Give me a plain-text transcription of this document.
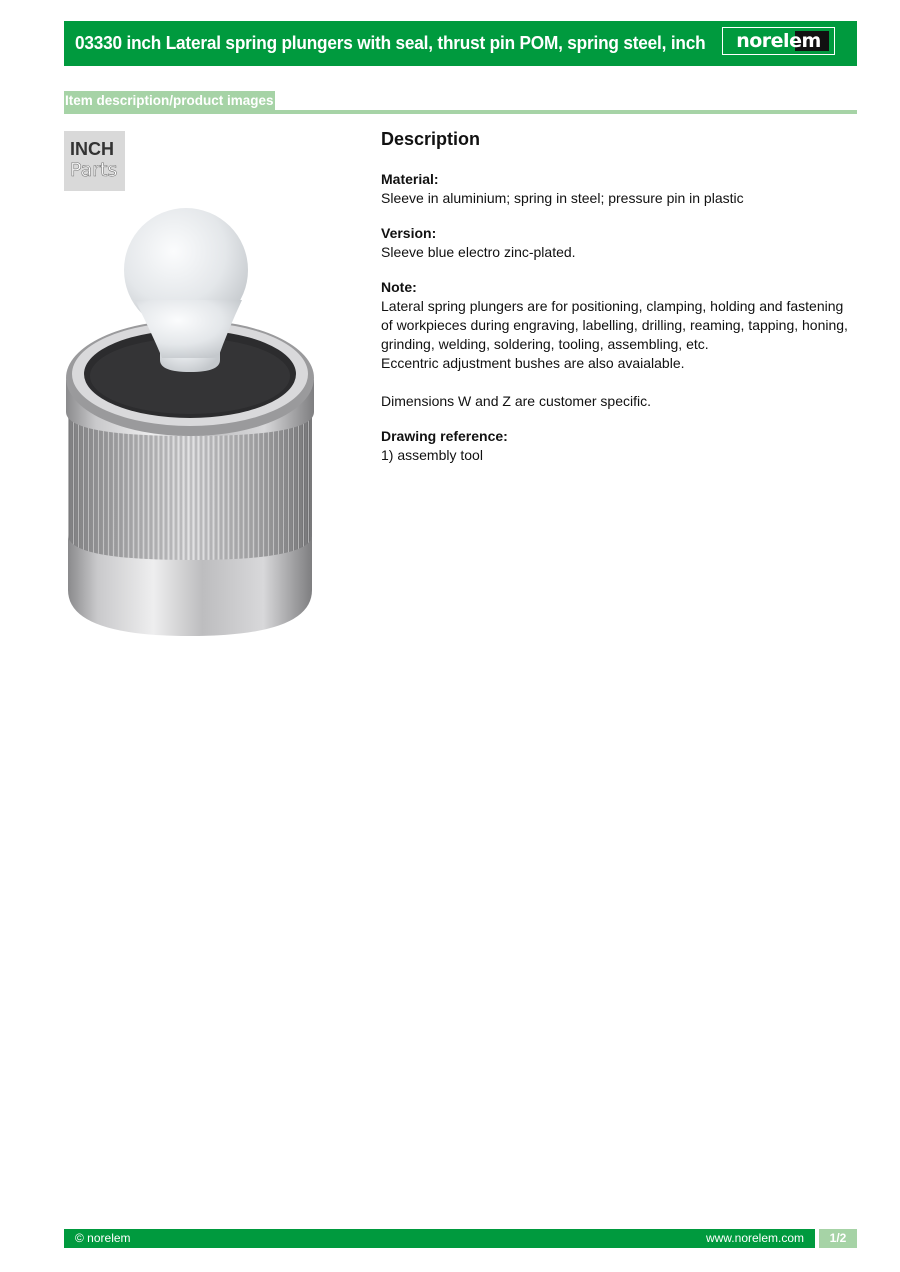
03330 inch Lateral spring plungers with seal, thrust pin POM, spring steel, inch norelem
Item description/product images
INCH
Parts
Description
Material:
Sleeve in aluminium; spring in steel; pressure pin in plastic
Version:
Sleeve blue electro zinc-plated.
Note:
Lateral spring plungers are for positioning, clamping, holding and fastening of workpieces during engraving, labelling, drilling, reaming, tapping, honing, grinding, welding, soldering, tooling, assembling, etc.
Eccentric adjustment bushes are also avaialable.
Dimensions W and Z are customer specific.
Drawing reference:
1) assembly tool
© norelem	www.norelem.com	1/2
